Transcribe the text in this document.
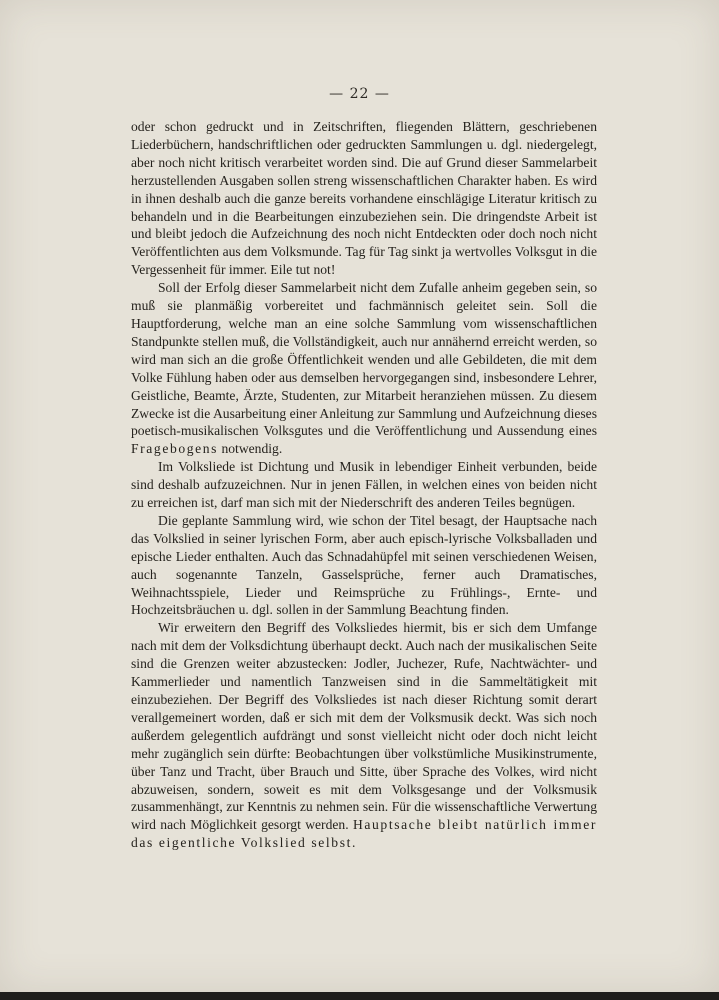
— 22 —

oder schon gedruckt und in Zeitschriften, fliegenden Blättern, geschriebenen Liederbüchern, handschriftlichen oder gedruckten Sammlungen u. dgl. niedergelegt, aber noch nicht kritisch verarbeitet worden sind. Die auf Grund dieser Sammelarbeit herzustellenden Ausgaben sollen streng wissenschaftlichen Charakter haben. Es wird in ihnen deshalb auch die ganze bereits vorhandene einschlägige Literatur kritisch zu behandeln und in die Bearbeitungen einzubeziehen sein. Die dringendste Arbeit ist und bleibt jedoch die Aufzeichnung des noch nicht Entdeckten oder doch noch nicht Veröffentlichten aus dem Volksmunde. Tag für Tag sinkt ja wertvolles Volksgut in die Vergessenheit für immer. Eile tut not!

Soll der Erfolg dieser Sammelarbeit nicht dem Zufalle anheim gegeben sein, so muß sie planmäßig vorbereitet und fachmännisch geleitet sein. Soll die Hauptforderung, welche man an eine solche Sammlung vom wissenschaftlichen Standpunkte stellen muß, die Vollständigkeit, auch nur annähernd erreicht werden, so wird man sich an die große Öffentlichkeit wenden und alle Gebildeten, die mit dem Volke Fühlung haben oder aus demselben hervorgegangen sind, insbesondere Lehrer, Geistliche, Beamte, Ärzte, Studenten, zur Mitarbeit heranziehen müssen. Zu diesem Zwecke ist die Ausarbeitung einer Anleitung zur Sammlung und Aufzeichnung dieses poetisch-musikalischen Volksgutes und die Veröffentlichung und Aussendung eines Fragebogens notwendig.

Im Volksliede ist Dichtung und Musik in lebendiger Einheit verbunden, beide sind deshalb aufzuzeichnen. Nur in jenen Fällen, in welchen eines von beiden nicht zu erreichen ist, darf man sich mit der Niederschrift des anderen Teiles begnügen.

Die geplante Sammlung wird, wie schon der Titel besagt, der Hauptsache nach das Volkslied in seiner lyrischen Form, aber auch episch-lyrische Volksballaden und epische Lieder enthalten. Auch das Schnadahüpfel mit seinen verschiedenen Weisen, auch sogenannte Tanzeln, Gasselsprüche, ferner auch Dramatisches, Weihnachtsspiele, Lieder und Reimsprüche zu Frühlings-, Ernte- und Hochzeitsbräuchen u. dgl. sollen in der Sammlung Beachtung finden.

Wir erweitern den Begriff des Volksliedes hiermit, bis er sich dem Umfange nach mit dem der Volksdichtung überhaupt deckt. Auch nach der musikalischen Seite sind die Grenzen weiter abzustecken: Jodler, Juchezer, Rufe, Nachtwächter- und Kammerlieder und namentlich Tanzweisen sind in die Sammeltätigkeit mit einzubeziehen. Der Begriff des Volksliedes ist nach dieser Richtung somit derart verallgemeinert worden, daß er sich mit dem der Volksmusik deckt. Was sich noch außerdem gelegentlich aufdrängt und sonst vielleicht nicht oder doch nicht leicht mehr zugänglich sein dürfte: Beobachtungen über volkstümliche Musikinstrumente, über Tanz und Tracht, über Brauch und Sitte, über Sprache des Volkes, wird nicht abzuweisen, sondern, soweit es mit dem Volksgesange und der Volksmusik zusammenhängt, zur Kenntnis zu nehmen sein. Für die wissenschaftliche Verwertung wird nach Möglichkeit gesorgt werden. Hauptsache bleibt natürlich immer das eigentliche Volkslied selbst.
